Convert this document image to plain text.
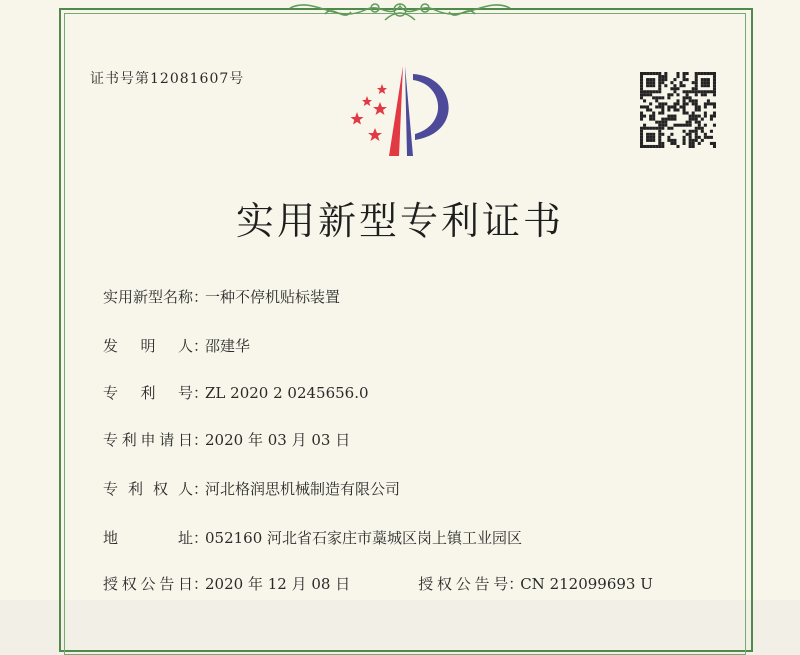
证书号第12081607号
实用新型专利证书
实用新型名称 ：
一种不停机贴标装置
发明人 ：
邵建华
专利号 ：
ZL 2020 2 0245656.0
专利申请日 ：
2020 年 03 月 03 日
专利权人 ：
河北格润思机械制造有限公司
地址 ：
052160 河北省石家庄市藁城区岗上镇工业园区
授权公告日 ：
2020 年 12 月 08 日	授权公告号 ：
CN 212099693 U
